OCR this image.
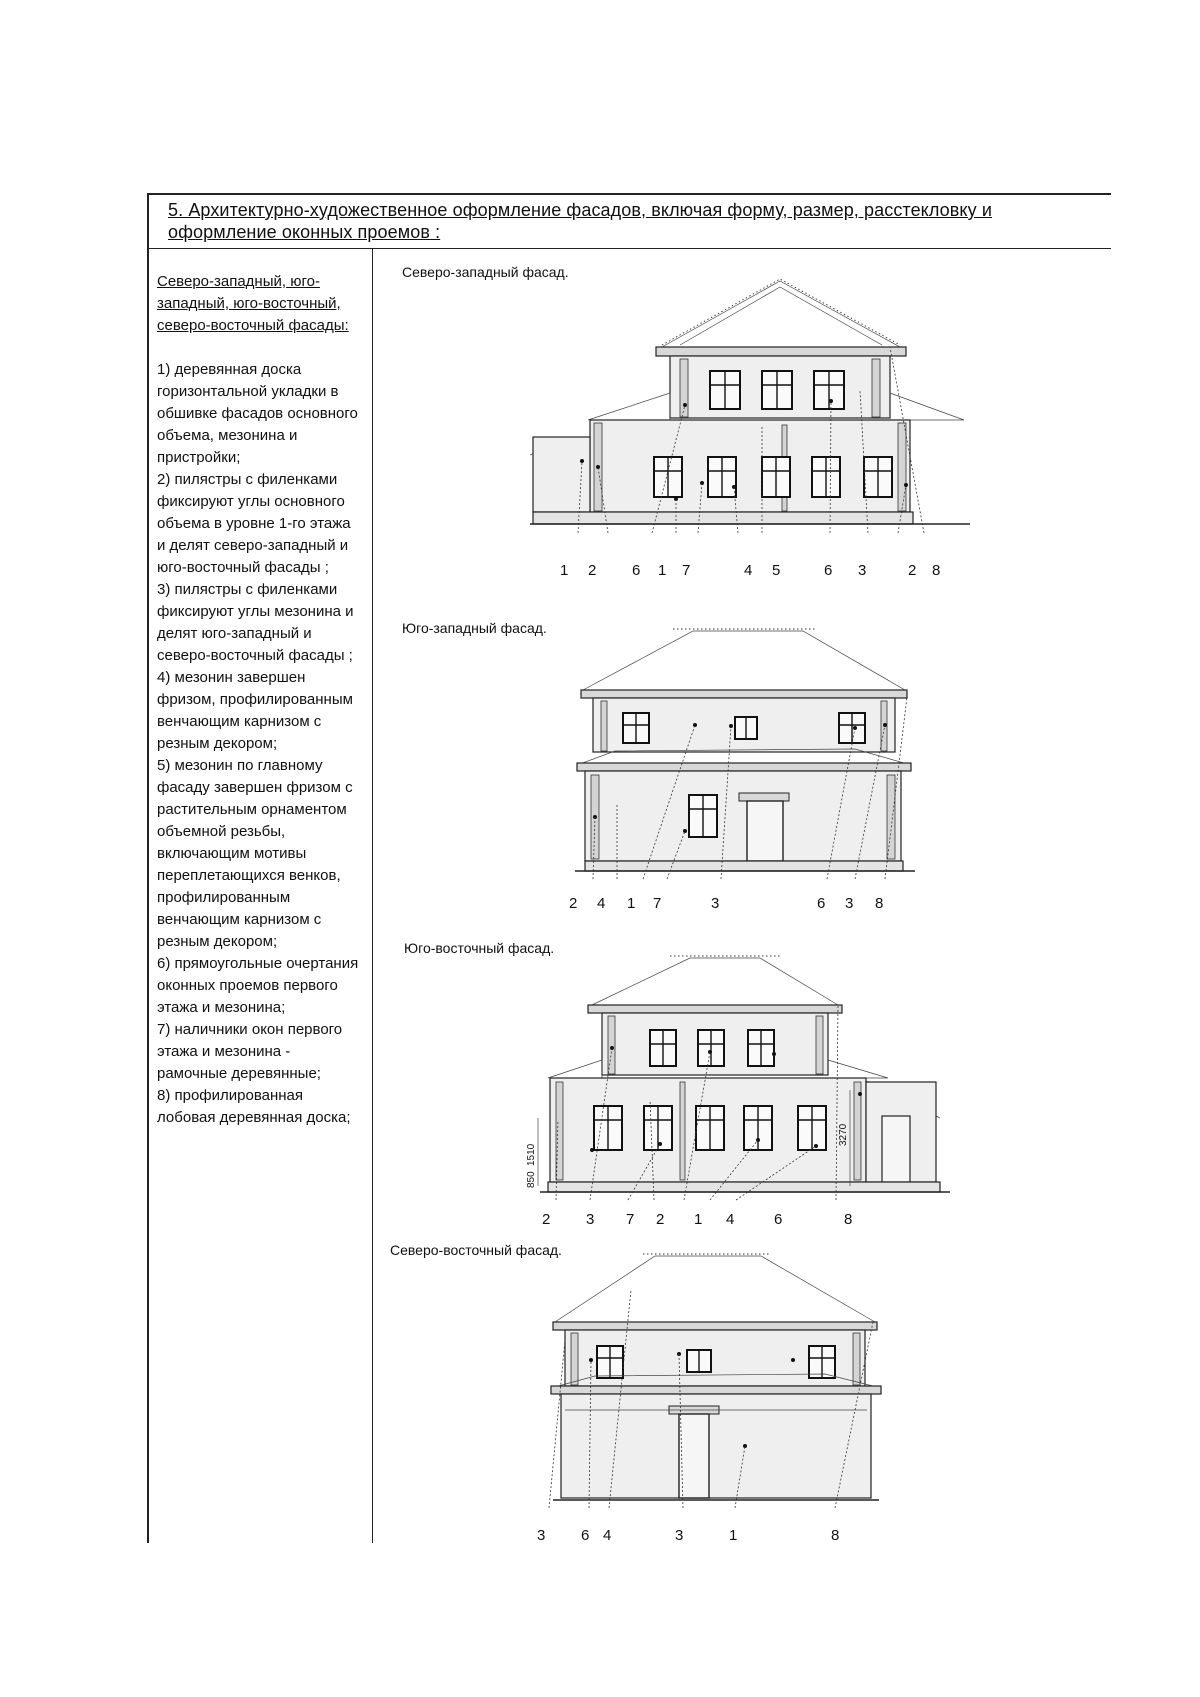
5. Архитектурно-художественное оформление фасадов, включая форму, размер, расстекловку и оформление оконных проемов :
Северо-западный, юго-западный, юго-восточный, северо-восточный фасады:

1) деревянная доска горизонтальной укладки в обшивке фасадов основного объема, мезонина и пристройки;

2) пилястры с филенками фиксируют углы основного объема в уровне 1-го этажа и делят северо-западный и юго-восточный фасады ;

3) пилястры с филенками фиксируют углы мезонина и делят юго-западный и северо-восточный фасады ;

4) мезонин завершен фризом, профилированным венчающим карнизом с резным декором;

5) мезонин по главному фасаду завершен фризом с растительным орнаментом объемной резьбы, включающим мотивы переплетающихся венков, профилированным венчающим карнизом с резным декором;

6) прямоугольные очертания оконных проемов первого этажа и мезонина;

7) наличники окон первого этажа и мезонина - рамочные деревянные;

8) профилированная лобовая деревянная доска;

Северо-западный фасад.
1 2 6 1 7	4 5	6 3	2 8
Юго-западный фасад.
2 4 1 7	3	6 3 8
Юго-восточный фасад.
1510
850
3270
2 3 7 2 1 4	6	8
Северо-восточный фасад.
3 6 4	3	1	8
